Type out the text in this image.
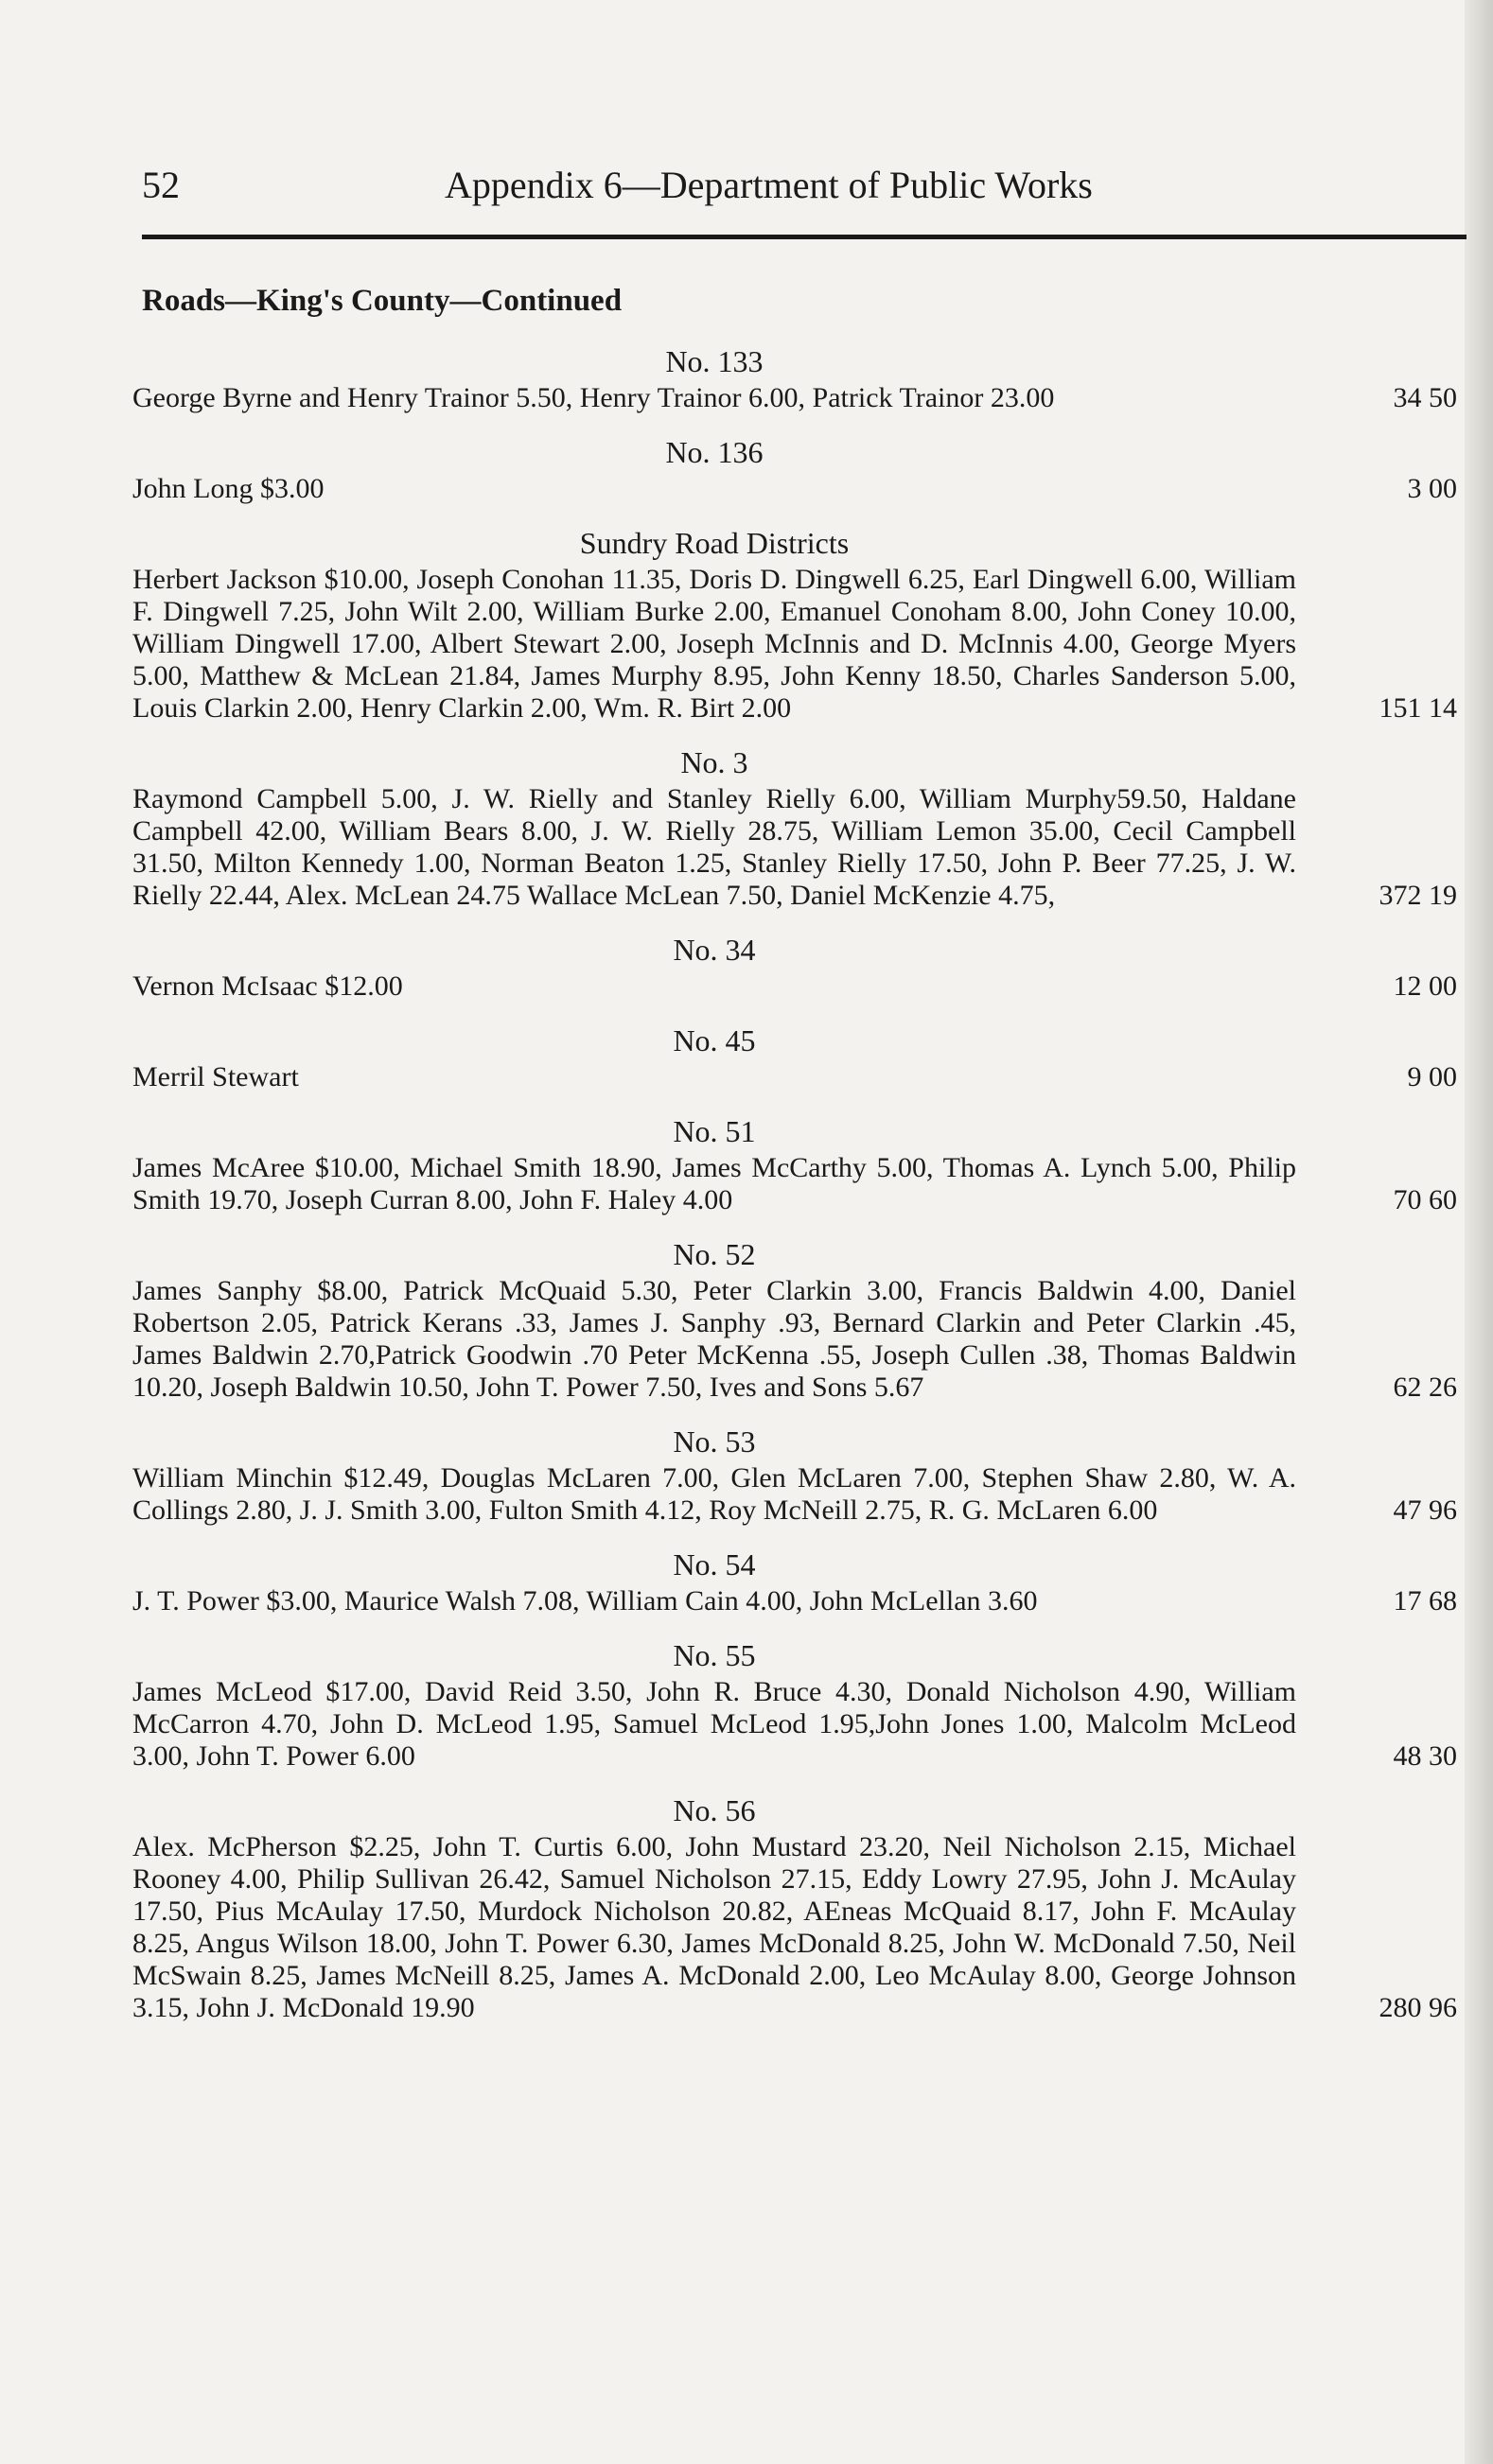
52	Appendix 6—Department of Public Works
Roads—King's County—Continued
No. 133
George Byrne and Henry Trainor 5.50, Henry Trainor 6.00, Patrick Trainor 23.00	34 50
No. 136
John Long $3.00	3 00
Sundry Road Districts
Herbert Jackson $10.00, Joseph Conohan 11.35, Doris D. Dingwell 6.25, Earl Dingwell 6.00, William F. Dingwell 7.25, John Wilt 2.00, William Burke 2.00, Emanuel Conoham 8.00, John Coney 10.00, William Dingwell 17.00, Albert Stewart 2.00, Joseph McInnis and D. McInnis 4.00, George Myers 5.00, Matthew & McLean 21.84, James Murphy 8.95, John Kenny 18.50, Charles Sanderson 5.00, Louis Clarkin 2.00, Henry Clarkin 2.00, Wm. R. Birt 2.00	151 14
No. 3
Raymond Campbell 5.00, J. W. Rielly and Stanley Rielly 6.00, William Murphy59.50, Haldane Campbell 42.00, William Bears 8.00, J. W. Rielly 28.75, William Lemon 35.00, Cecil Campbell 31.50, Milton Kennedy 1.00, Norman Beaton 1.25, Stanley Rielly 17.50, John P. Beer 77.25, J. W. Rielly 22.44, Alex. McLean 24.75 Wallace McLean 7.50, Daniel McKenzie 4.75,	372 19
No. 34
Vernon McIsaac $12.00	12 00
No. 45
Merril Stewart	9 00
No. 51
James McAree $10.00, Michael Smith 18.90, James McCarthy 5.00, Thomas A. Lynch 5.00, Philip Smith 19.70, Joseph Curran 8.00, John F. Haley 4.00	70 60
No. 52
James Sanphy $8.00, Patrick McQuaid 5.30, Peter Clarkin 3.00, Francis Baldwin 4.00, Daniel Robertson 2.05, Patrick Kerans .33, James J. Sanphy .93, Bernard Clarkin and Peter Clarkin .45, James Baldwin 2.70,Patrick Goodwin .70 Peter McKenna .55, Joseph Cullen .38, Thomas Baldwin 10.20, Joseph Baldwin 10.50, John T. Power 7.50, Ives and Sons 5.67	62 26
No. 53
William Minchin $12.49, Douglas McLaren 7.00, Glen McLaren 7.00, Stephen Shaw 2.80, W. A. Collings 2.80, J. J. Smith 3.00, Fulton Smith 4.12, Roy McNeill 2.75, R. G. McLaren 6.00	47 96
No. 54
J. T. Power $3.00, Maurice Walsh 7.08, William Cain 4.00, John McLellan 3.60	17 68
No. 55
James McLeod $17.00, David Reid 3.50, John R. Bruce 4.30, Donald Nicholson 4.90, William McCarron 4.70, John D. McLeod 1.95, Samuel McLeod 1.95,John Jones 1.00, Malcolm McLeod 3.00, John T. Power 6.00	48 30
No. 56
Alex. McPherson $2.25, John T. Curtis 6.00, John Mustard 23.20, Neil Nicholson 2.15, Michael Rooney 4.00, Philip Sullivan 26.42, Samuel Nicholson 27.15, Eddy Lowry 27.95, John J. McAulay 17.50, Pius McAulay 17.50, Murdock Nicholson 20.82, AEneas McQuaid 8.17, John F. McAulay 8.25, Angus Wilson 18.00, John T. Power 6.30, James McDonald 8.25, John W. McDonald 7.50, Neil McSwain 8.25, James McNeill 8.25, James A. McDonald 2.00, Leo McAulay 8.00, George Johnson 3.15, John J. McDonald 19.90	280 96
